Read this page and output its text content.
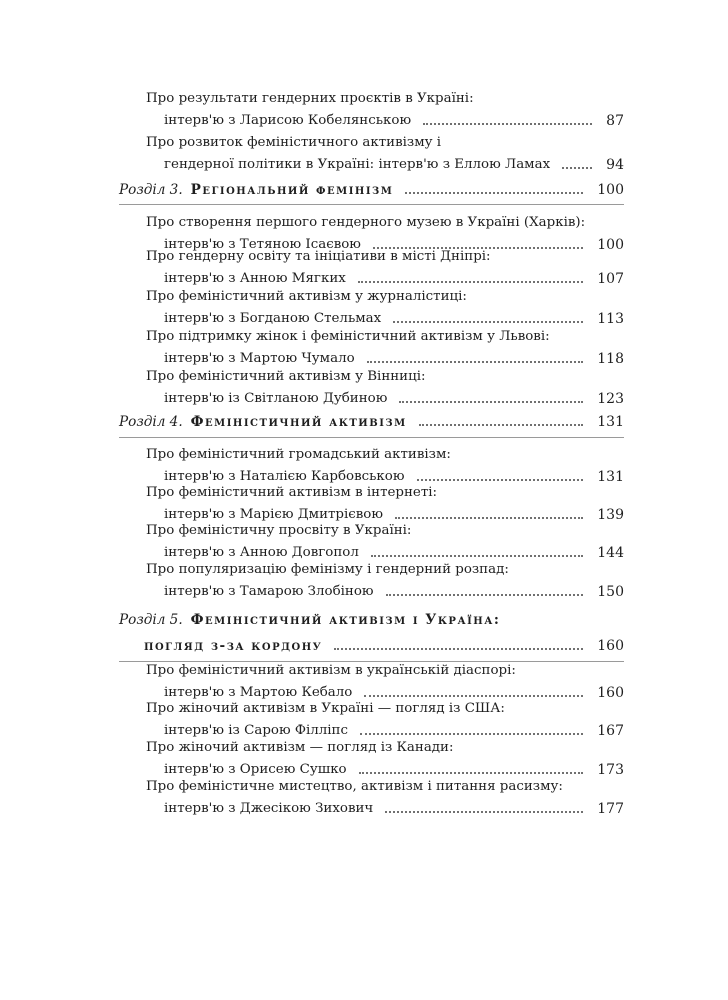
Про результати гендерних проєктів в Україні:
інтерв'ю з Ларисою Кобелянською	87
Про розвиток феміністичного активізму і
гендерної політики в Україні: інтерв'ю з Еллою Ламах	94
Розділ 3. Регіональний фемінізм	100
Про створення першого гендерного музею в Україні (Харків):
інтерв'ю з Тетяною Ісаєвою	100
Про гендерну освіту та ініціативи в місті Дніпрі:
інтерв'ю з Анною Мягких	107
Про феміністичний активізм у журналістиці:
інтерв'ю з Богданою Стельмах	113
Про підтримку жінок і феміністичний активізм у Львові:
інтерв'ю з Мартою Чумало	118
Про феміністичний активізм у Вінниці:
інтерв'ю із Світланою Дубиною	123
Розділ 4. Феміністичний активізм	131
Про феміністичний громадський активізм:
інтерв'ю з Наталією Карбовською	131
Про феміністичний активізм в інтернеті:
інтерв'ю з Марією Дмитрієвою	139
Про феміністичну просвіту в Україні:
інтерв'ю з Анною Довгопол	144
Про популяризацію фемінізму і гендерний розпад:
інтерв'ю з Тамарою Злобіною	150
Розділ 5. Феміністичний активізм і Україна:
погляд з-за кордону	160
Про феміністичний активізм в українській діаспорі:
інтерв'ю з Мартою Кебало	160
Про жіночий активізм в Україні — погляд із США:
інтерв'ю із Сарою Філліпс	167
Про жіночий активізм — погляд із Канади:
інтерв'ю з Орисею Сушко	173
Про феміністичне мистецтво, активізм і питання расизму:
інтерв'ю з Джесікою Зихович	177
